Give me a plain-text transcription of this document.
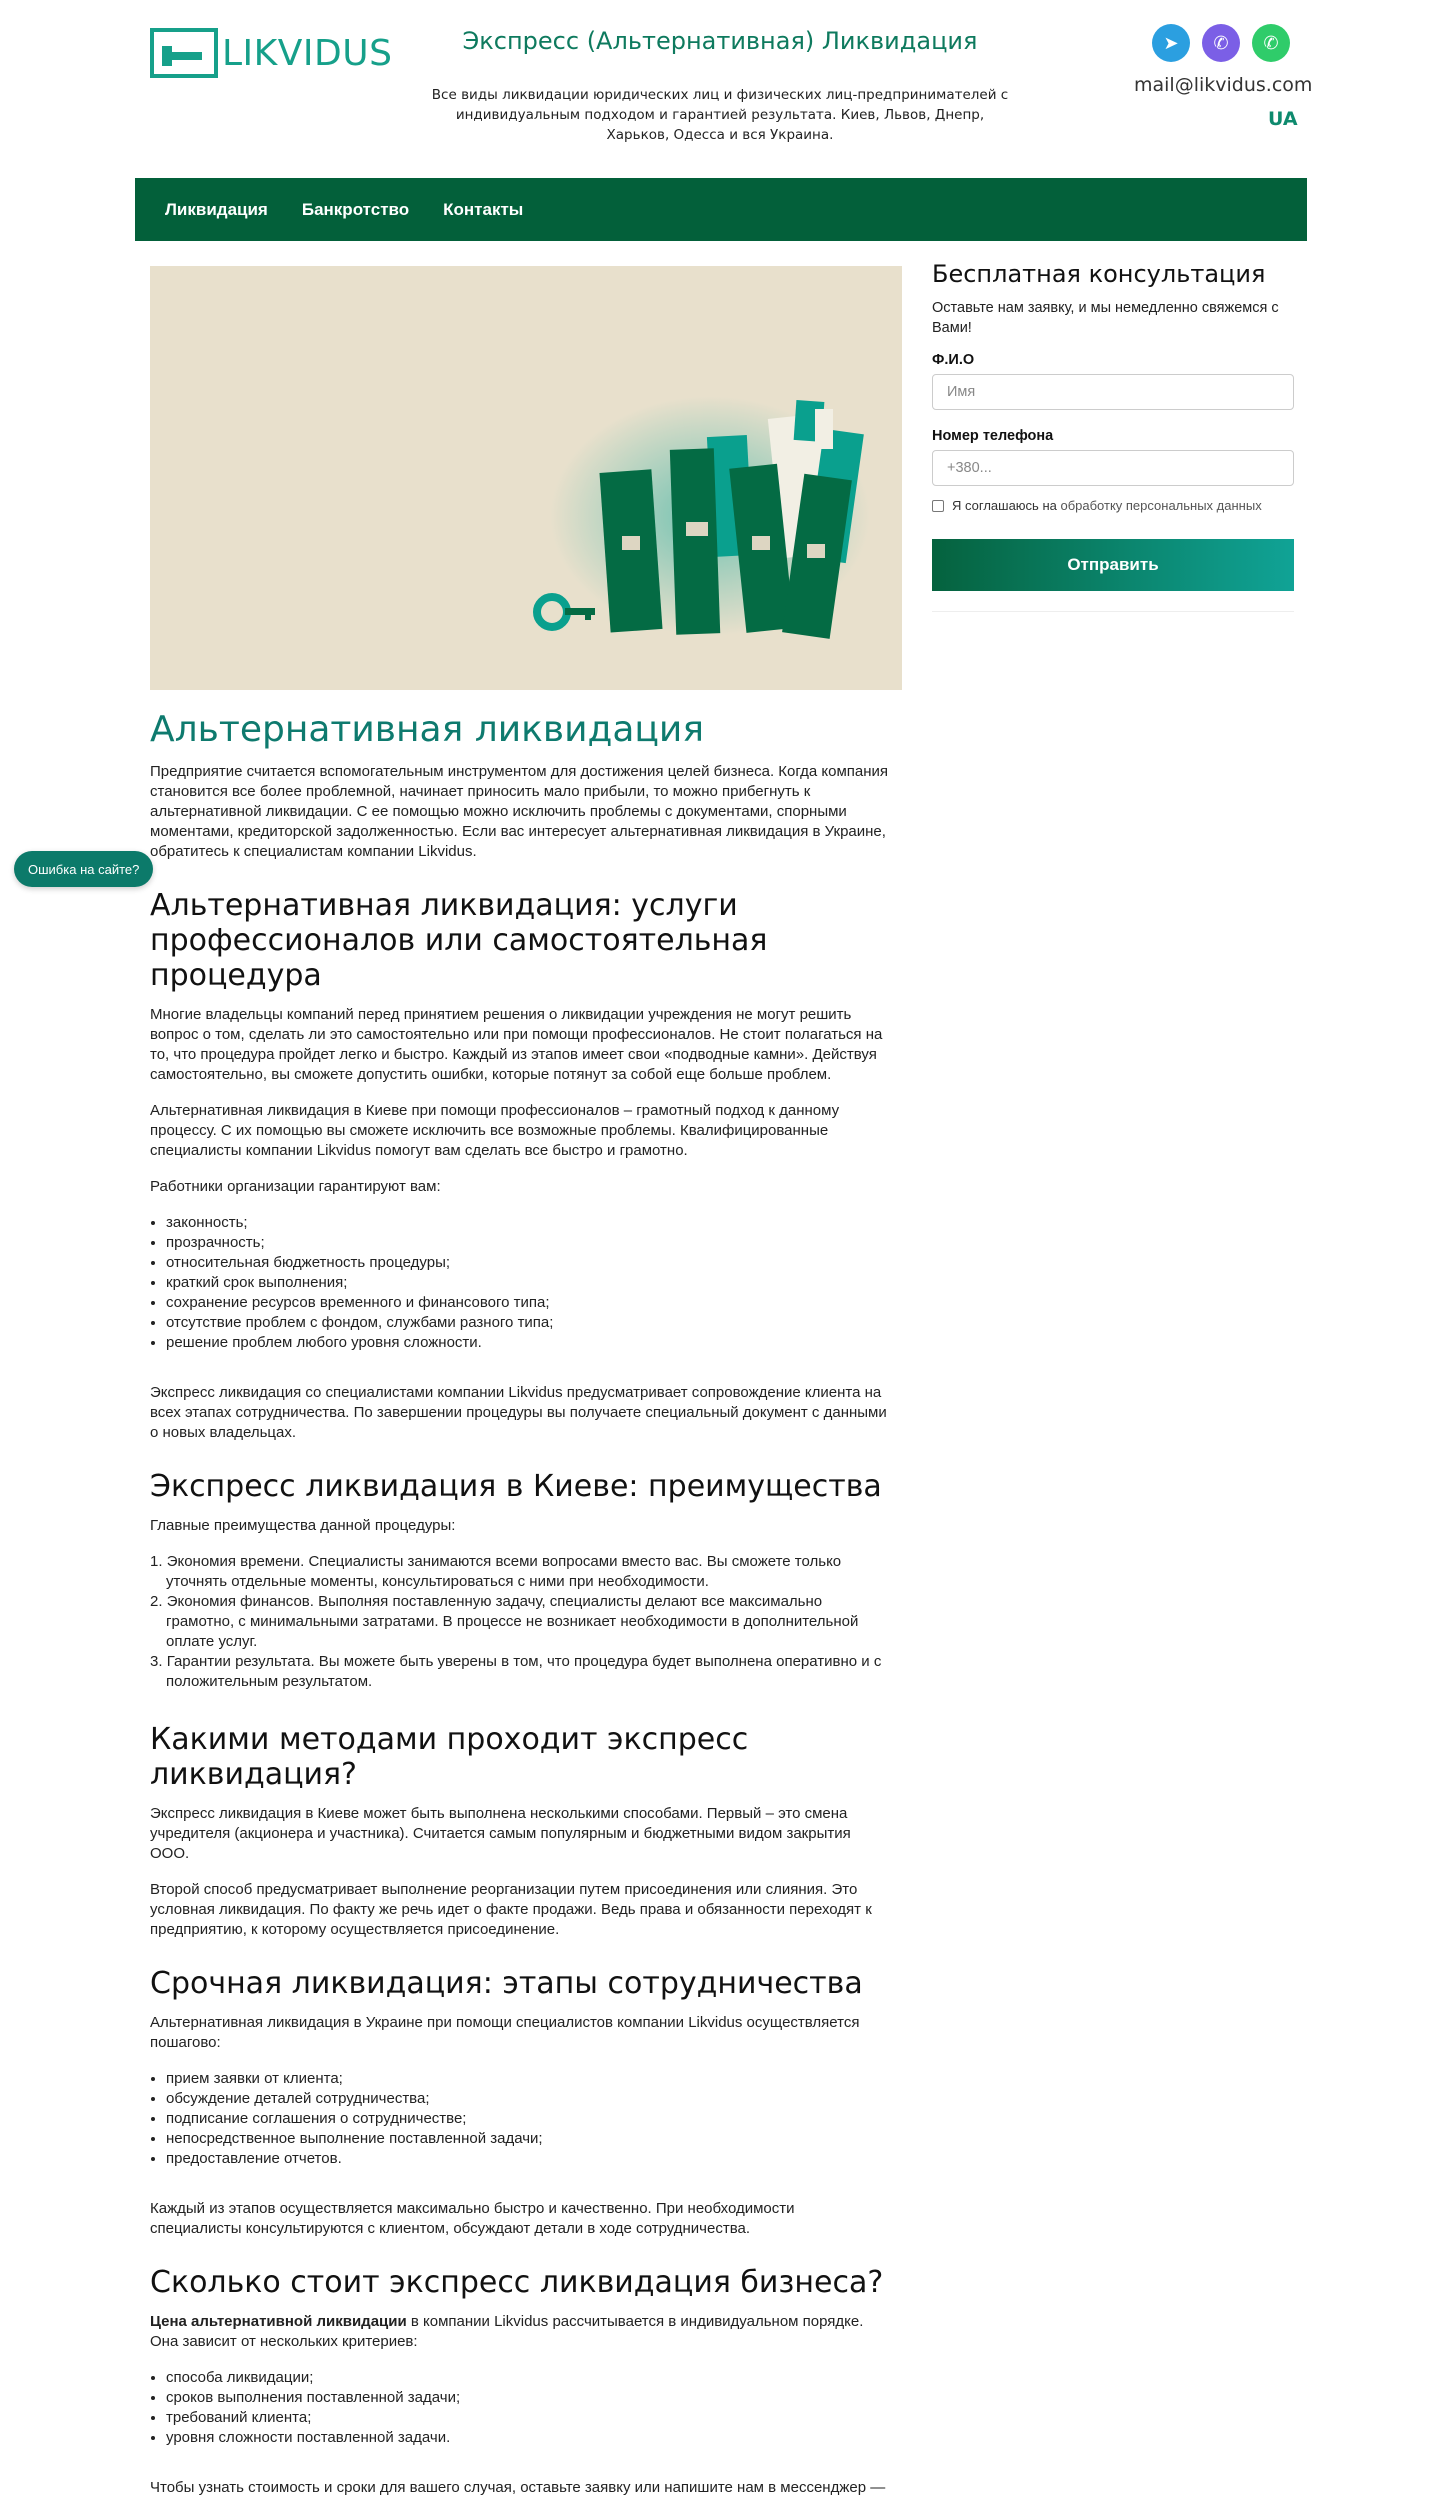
LIKVIDUS	Экспресс (Альтернативная) Ликвидация
Все виды ликвидации юридических лиц и физических лиц-предпринимателей с индивидуальным подходом и гарантией результата. Киев, Львов, Днепр, Харьков, Одесса и вся Украина.
➤	✆	✆
mail@likvidus.com
UA
Ликвидация Банкротство Контакты
Альтернативная ликвидация

Предприятие считается вспомогательным инструментом для достижения целей бизнеса. Когда компания становится все более проблемной, начинает приносить мало прибыли, то можно прибегнуть к альтернативной ликвидации. С ее помощью можно исключить проблемы с документами, спорными моментами, кредиторской задолженностью. Если вас интересует альтернативная ликвидация в Украине, обратитесь к специалистам компании Likvidus.

Альтернативная ликвидация: услуги профессионалов или самостоятельная процедура

Многие владельцы компаний перед принятием решения о ликвидации учреждения не могут решить вопрос о том, сделать ли это самостоятельно или при помощи профессионалов. Не стоит полагаться на то, что процедура пройдет легко и быстро. Каждый из этапов имеет свои «подводные камни». Действуя самостоятельно, вы сможете допустить ошибки, которые потянут за собой еще больше проблем.

Альтернативная ликвидация в Киеве при помощи профессионалов – грамотный подход к данному процессу. С их помощью вы сможете исключить все возможные проблемы. Квалифицированные специалисты компании Likvidus помогут вам сделать все быстро и грамотно.

Работники организации гарантируют вам:

• законность;
• прозрачность;
• относительная бюджетность процедуры;
• краткий срок выполнения;
• сохранение ресурсов временного и финансового типа;
• отсутствие проблем с фондом, службами разного типа;
• решение проблем любого уровня сложности.

Экспресс ликвидация со специалистами компании Likvidus предусматривает сопровождение клиента на всех этапах сотрудничества. По завершении процедуры вы получаете специальный документ с данными о новых владельцах.

Экспресс ликвидация в Киеве: преимущества

Главные преимущества данной процедуры:

1. Экономия времени. Специалисты занимаются всеми вопросами вместо вас. Вы сможете только уточнять отдельные моменты, консультироваться с ними при необходимости.
2. Экономия финансов. Выполняя поставленную задачу, специалисты делают все максимально грамотно, с минимальными затратами. В процессе не возникает необходимости в дополнительной оплате услуг.
3. Гарантии результата. Вы можете быть уверены в том, что процедура будет выполнена оперативно и с положительным результатом.
Какими методами проходит экспресс ликвидация?

Экспресс ликвидация в Киеве может быть выполнена несколькими способами. Первый – это смена учредителя (акционера и участника). Считается самым популярным и бюджетными видом закрытия ООО.

Второй способ предусматривает выполнение реорганизации путем присоединения или слияния. Это условная ликвидация. По факту же речь идет о факте продажи. Ведь права и обязанности переходят к предприятию, к которому осуществляется присоединение.

Срочная ликвидация: этапы сотрудничества

Альтернативная ликвидация в Украине при помощи специалистов компании Likvidus осуществляется пошагово:

• прием заявки от клиента;
• обсуждение деталей сотрудничества;
• подписание соглашения о сотрудничестве;
• непосредственное выполнение поставленной задачи;
• предоставление отчетов.

Каждый из этапов осуществляется максимально быстро и качественно. При необходимости специалисты консультируются с клиентом, обсуждают детали в ходе сотрудничества.

Сколько стоит экспресс ликвидация бизнеса?

Цена альтернативной ликвидации в компании Likvidus рассчитывается в индивидуальном порядке. Она зависит от нескольких критериев:

• способа ликвидации;
• сроков выполнения поставленной задачи;
• требований клиента;
• уровня сложности поставленной задачи.

Чтобы узнать стоимость и сроки для вашего случая, оставьте заявку или напишите нам в мессенджер —

Бесплатная консультация
Оставьте нам заявку, и мы немедленно свяжемся с Вами!
Ф.И.О
Имя
Номер телефона
+380...
Я соглашаюсь на обработку персональных данных
Отправить
Ошибка на сайте?
